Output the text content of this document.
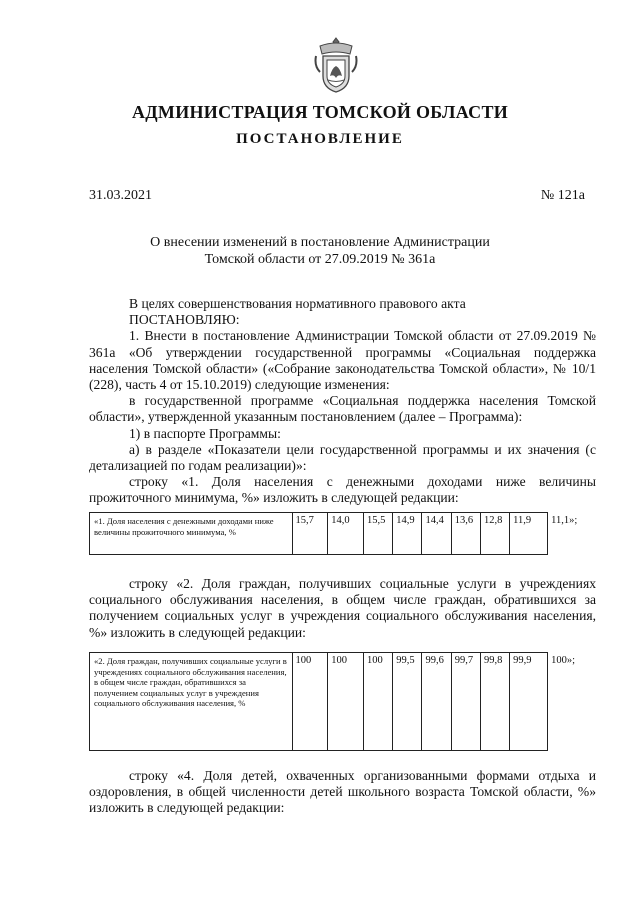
АДМИНИСТРАЦИЯ ТОМСКОЙ ОБЛАСТИ
ПОСТАНОВЛЕНИЕ
31.03.2021	№ 121а
О внесении изменений в постановление Администрации
Томской области от 27.09.2019 № 361а

В целях совершенствования нормативного правового акта

ПОСТАНОВЛЯЮ:

1. Внести в постановление Администрации Томской области от 27.09.2019 № 361а «Об утверждении государственной программы «Социальная поддержка населения Томской области» («Собрание законодательства Томской области», № 10/1 (228), часть 4 от 15.10.2019) следующие изменения:

в государственной программе «Социальная поддержка населения Томской области», утвержденной указанным постановлением (далее – Программа):

1) в паспорте Программы:

а) в разделе «Показатели цели государственной программы и их значения (с детализацией по годам реализации)»:

строку «1. Доля населения с денежными доходами ниже величины прожиточного минимума, %» изложить в следующей редакции:

«1. Доля населения с денежными доходами ниже величины прожиточного минимума, %	15,7	14,0	15,5	14,9	14,4	13,6	12,8	11,9	11,1»;

строку «2. Доля граждан, получивших социальные услуги в учреждениях социального обслуживания населения, в общем числе граждан, обратившихся за получением социальных услуг в учреждения социального обслуживания населения, %» изложить в следующей редакции:

«2. Доля граждан, получивших социальные услуги в учреждениях социального обслуживания населения, в общем числе граждан, обратившихся за получением социальных услуг в учреждения социального обслуживания населения, %	100	100	100	99,5	99,6	99,7	99,8	99,9	100»;

строку «4. Доля детей, охваченных организованными формами отдыха и оздоровления, в общей численности детей школьного возраста Томской области, %» изложить в следующей редакции:
